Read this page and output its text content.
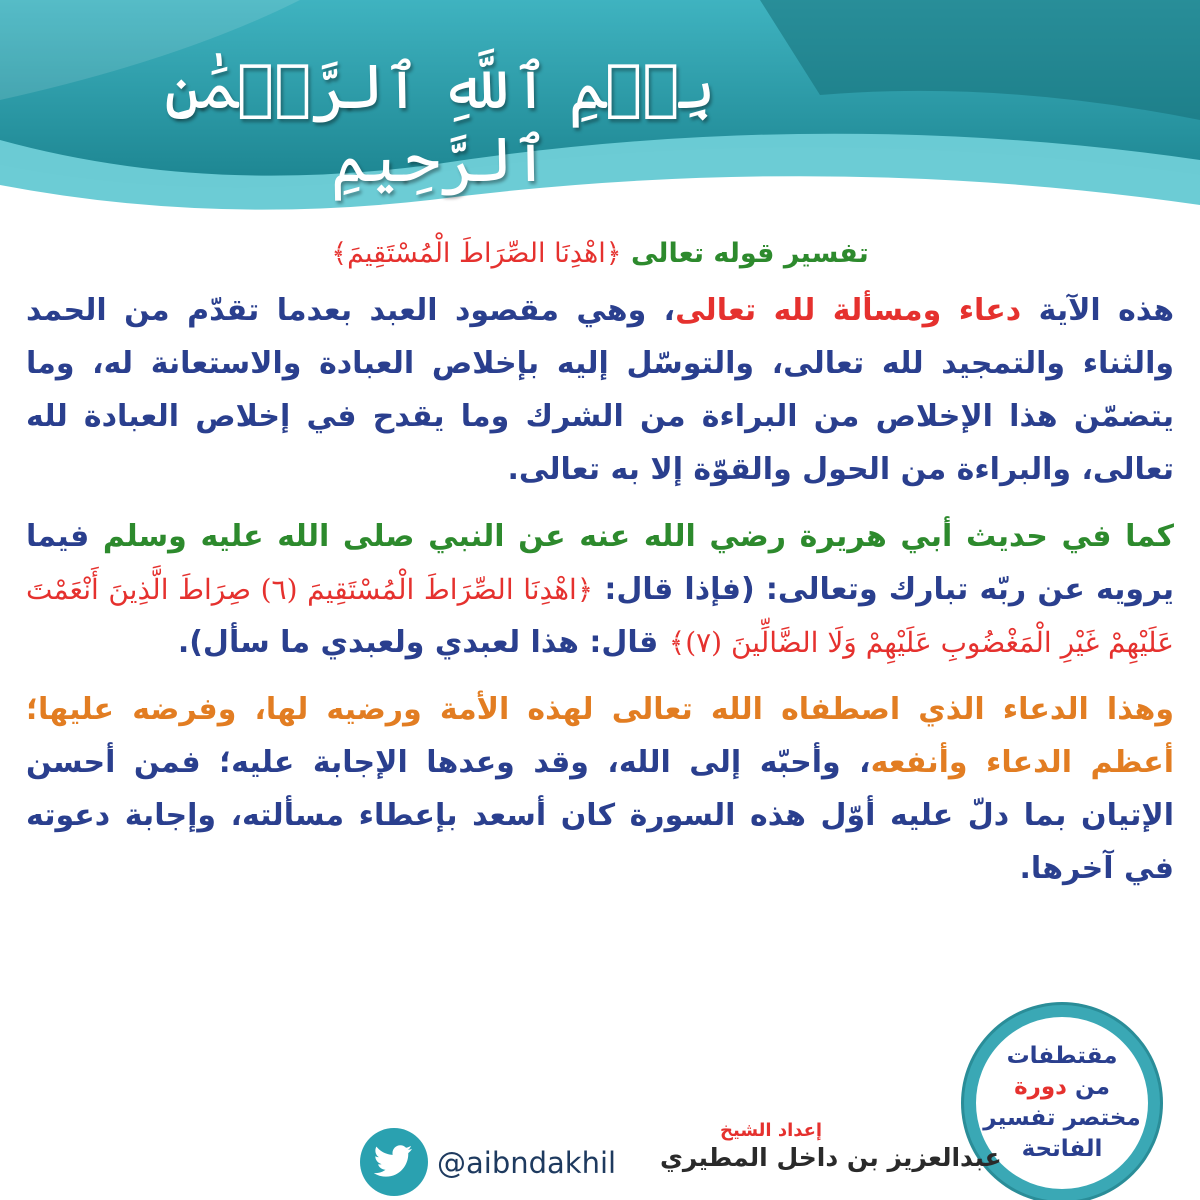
بِسۡمِ ٱللَّهِ ٱلرَّحۡمَٰنِ ٱلرَّحِيمِ

تفسير قوله تعالى ﴿اهْدِنَا الصِّرَاطَ الْمُسْتَقِيمَ﴾

هذه الآية دعاء ومسألة لله تعالى، وهي مقصود العبد بعدما تقدّم من الحمد والثناء والتمجيد لله تعالى، والتوسّل إليه بإخلاص العبادة والاستعانة له، وما يتضمّن هذا الإخلاص من البراءة من الشرك وما يقدح في إخلاص العبادة لله تعالى، والبراءة من الحول والقوّة إلا به تعالى.

كما في حديث أبي هريرة رضي الله عنه عن النبي صلى الله عليه وسلم فيما يرويه عن ربّه تبارك وتعالى: (فإذا قال: ﴿اهْدِنَا الصِّرَاطَ الْمُسْتَقِيمَ (٦) صِرَاطَ الَّذِينَ أَنْعَمْتَ عَلَيْهِمْ غَيْرِ الْمَغْضُوبِ عَلَيْهِمْ وَلَا الضَّالِّينَ (٧)﴾ قال: هذا لعبدي ولعبدي ما سأل).

وهذا الدعاء الذي اصطفاه الله تعالى لهذه الأمة ورضيه لها، وفرضه عليها؛ أعظم الدعاء وأنفعه، وأحبّه إلى الله، وقد وعدها الإجابة عليه؛ فمن أحسن الإتيان بما دلّ عليه أوّل هذه السورة كان أسعد بإعطاء مسألته، وإجابة دعوته في آخرها.

مقتطفات
من دورة
مختصر تفسير
الفاتحة
إعداد الشيخ
عبدالعزيز بن داخل المطيري
@aibndakhil
